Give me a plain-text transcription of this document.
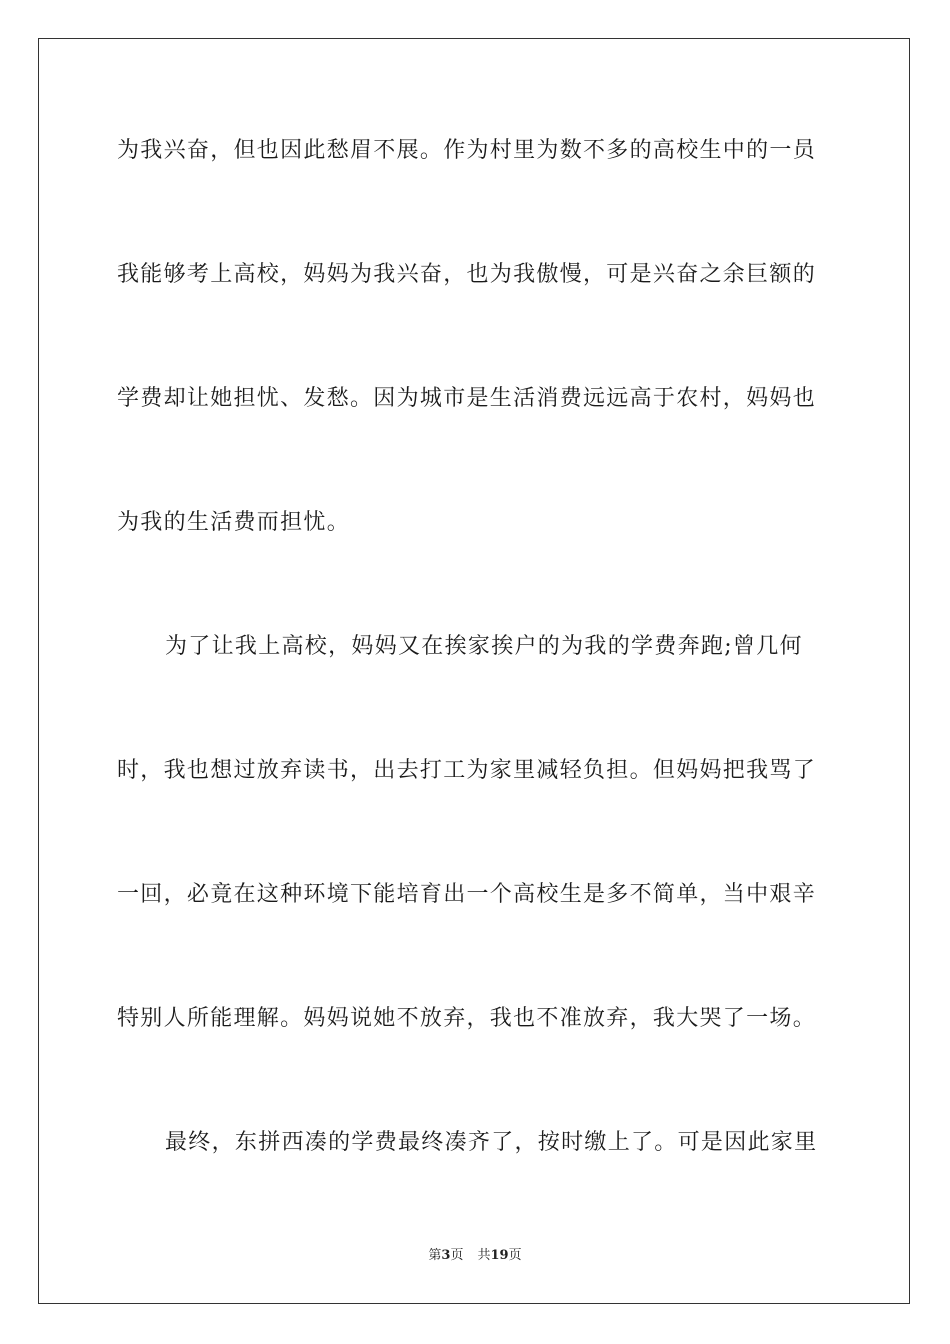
为我兴奋，但也因此愁眉不展。作为村里为数不多的高校生中的一员
我能够考上高校，妈妈为我兴奋，也为我傲慢，可是兴奋之余巨额的
学费却让她担忧、发愁。因为城市是生活消费远远高于农村，妈妈也
为我的生活费而担忧。
为了让我上高校，妈妈又在挨家挨户的为我的学费奔跑;曾几何
时，我也想过放弃读书，出去打工为家里减轻负担。但妈妈把我骂了
一回，必竟在这种环境下能培育出一个高校生是多不简单，当中艰辛
特别人所能理解。妈妈说她不放弃，我也不准放弃，我大哭了一场。
最终，东拼西凑的学费最终凑齐了，按时缴上了。可是因此家里
第3页 共19页
